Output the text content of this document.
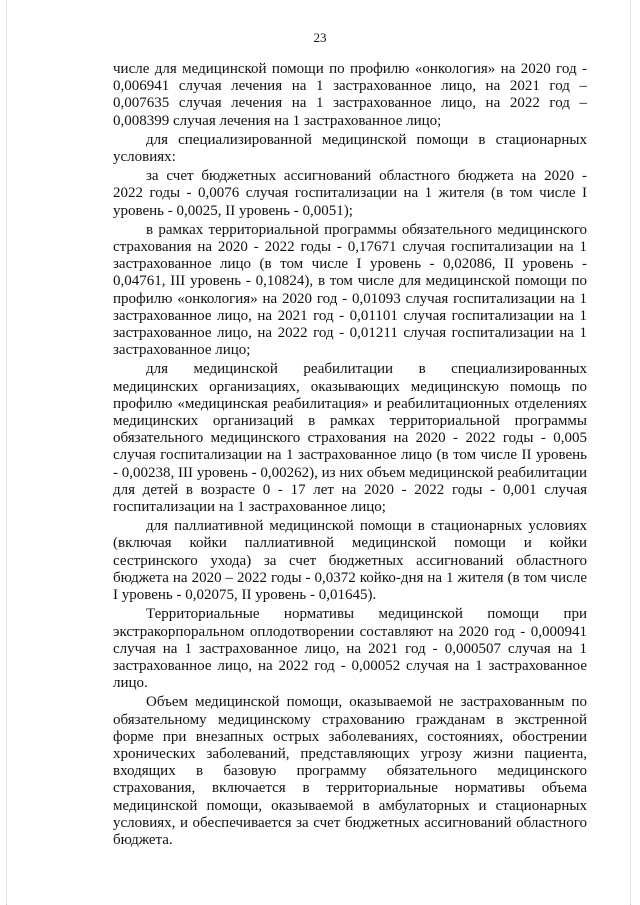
23

числе для медицинской помощи по профилю «онкология» на 2020 год - 0,006941 случая лечения на 1 застрахованное лицо, на 2021 год – 0,007635 случая лечения на 1 застрахованное лицо, на 2022 год – 0,008399 случая лечения на 1 застрахованное лицо;

для специализированной медицинской помощи в стационарных условиях:

за счет бюджетных ассигнований областного бюджета на 2020 - 2022 годы - 0,0076 случая госпитализации на 1 жителя (в том числе I уровень - 0,0025, II уровень - 0,0051);

в рамках территориальной программы обязательного медицинского страхования на 2020 - 2022 годы - 0,17671 случая госпитализации на 1 застрахованное лицо (в том числе I уровень - 0,02086, II уровень - 0,04761, III уровень - 0,10824), в том числе для медицинской помощи по профилю «онкология» на 2020 год - 0,01093 случая госпитализации на 1 застрахованное лицо, на 2021 год - 0,01101 случая госпитализации на 1 застрахованное лицо, на 2022 год - 0,01211 случая госпитализации на 1 застрахованное лицо;

для медицинской реабилитации в специализированных медицинских организациях, оказывающих медицинскую помощь по профилю «медицинская реабилитация» и реабилитационных отделениях медицинских организаций в рамках территориальной программы обязательного медицинского страхования на 2020 - 2022 годы - 0,005 случая госпитализации на 1 застрахованное лицо (в том числе II уровень - 0,00238, III уровень - 0,00262), из них объем медицинской реабилитации для детей в возрасте 0 - 17 лет на 2020 - 2022 годы - 0,001 случая госпитализации на 1 застрахованное лицо;

для паллиативной медицинской помощи в стационарных условиях (включая койки паллиативной медицинской помощи и койки сестринского ухода) за счет бюджетных ассигнований областного бюджета на 2020 – 2022 годы - 0,0372 койко-дня на 1 жителя (в том числе I уровень - 0,02075, II уровень - 0,01645).

Территориальные нормативы медицинской помощи при экстракорпоральном оплодотворении составляют на 2020 год - 0,000941 случая на 1 застрахованное лицо, на 2021 год - 0,000507 случая на 1 застрахованное лицо, на 2022 год - 0,00052 случая на 1 застрахованное лицо.

Объем медицинской помощи, оказываемой не застрахованным по обязательному медицинскому страхованию гражданам в экстренной форме при внезапных острых заболеваниях, состояниях, обострении хронических заболеваний, представляющих угрозу жизни пациента, входящих в базовую программу обязательного медицинского страхования, включается в территориальные нормативы объема медицинской помощи, оказываемой в амбулаторных и стационарных условиях, и обеспечивается за счет бюджетных ассигнований областного бюджета.
